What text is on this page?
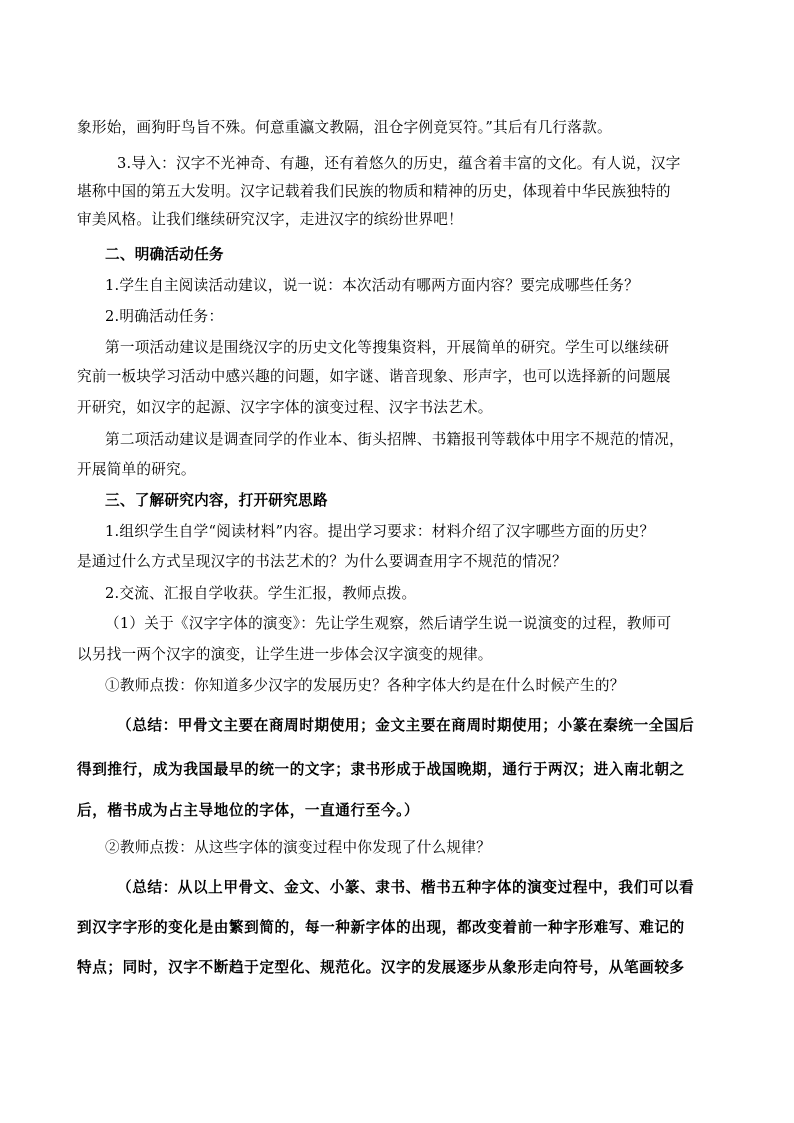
象形始，画狗盱鸟旨不殊。何意重瀛文教隔，沮仓字例竟冥符。”其后有几行落款。
3.导入：汉字不光神奇、有趣，还有着悠久的历史，蕴含着丰富的文化。有人说，汉字
堪称中国的第五大发明。汉字记载着我们民族的物质和精神的历史，体现着中华民族独特的
审美风格。让我们继续研究汉字，走进汉字的缤纷世界吧！
二、明确活动任务
1.学生自主阅读活动建议，说一说：本次活动有哪两方面内容？要完成哪些任务？
2.明确活动任务：
第一项活动建议是围绕汉字的历史文化等搜集资料，开展简单的研究。学生可以继续研
究前一板块学习活动中感兴趣的问题，如字谜、谐音现象、形声字，也可以选择新的问题展
开研究，如汉字的起源、汉字字体的演变过程、汉字书法艺术。
第二项活动建议是调查同学的作业本、街头招牌、书籍报刊等载体中用字不规范的情况，
开展简单的研究。
三、了解研究内容，打开研究思路
1.组织学生自学“阅读材料”内容。提出学习要求：材料介绍了汉字哪些方面的历史？
是通过什么方式呈现汉字的书法艺术的？为什么要调查用字不规范的情况？
2.交流、汇报自学收获。学生汇报，教师点拨。
（1）关于《汉字字体的演变》：先让学生观察，然后请学生说一说演变的过程，教师可
以另找一两个汉字的演变，让学生进一步体会汉字演变的规律。
①教师点拨：你知道多少汉字的发展历史？各种字体大约是在什么时候产生的？
（总结：甲骨文主要在商周时期使用；金文主要在商周时期使用；小篆在秦统一全国后
得到推行，成为我国最早的统一的文字；隶书形成于战国晚期，通行于两汉；进入南北朝之
后，楷书成为占主导地位的字体，一直通行至今。）
②教师点拨：从这些字体的演变过程中你发现了什么规律？
（总结：从以上甲骨文、金文、小篆、隶书、楷书五种字体的演变过程中，我们可以看
到汉字字形的变化是由繁到简的，每一种新字体的出现，都改变着前一种字形难写、难记的
特点；同时，汉字不断趋于定型化、规范化。汉字的发展逐步从象形走向符号，从笔画较多
